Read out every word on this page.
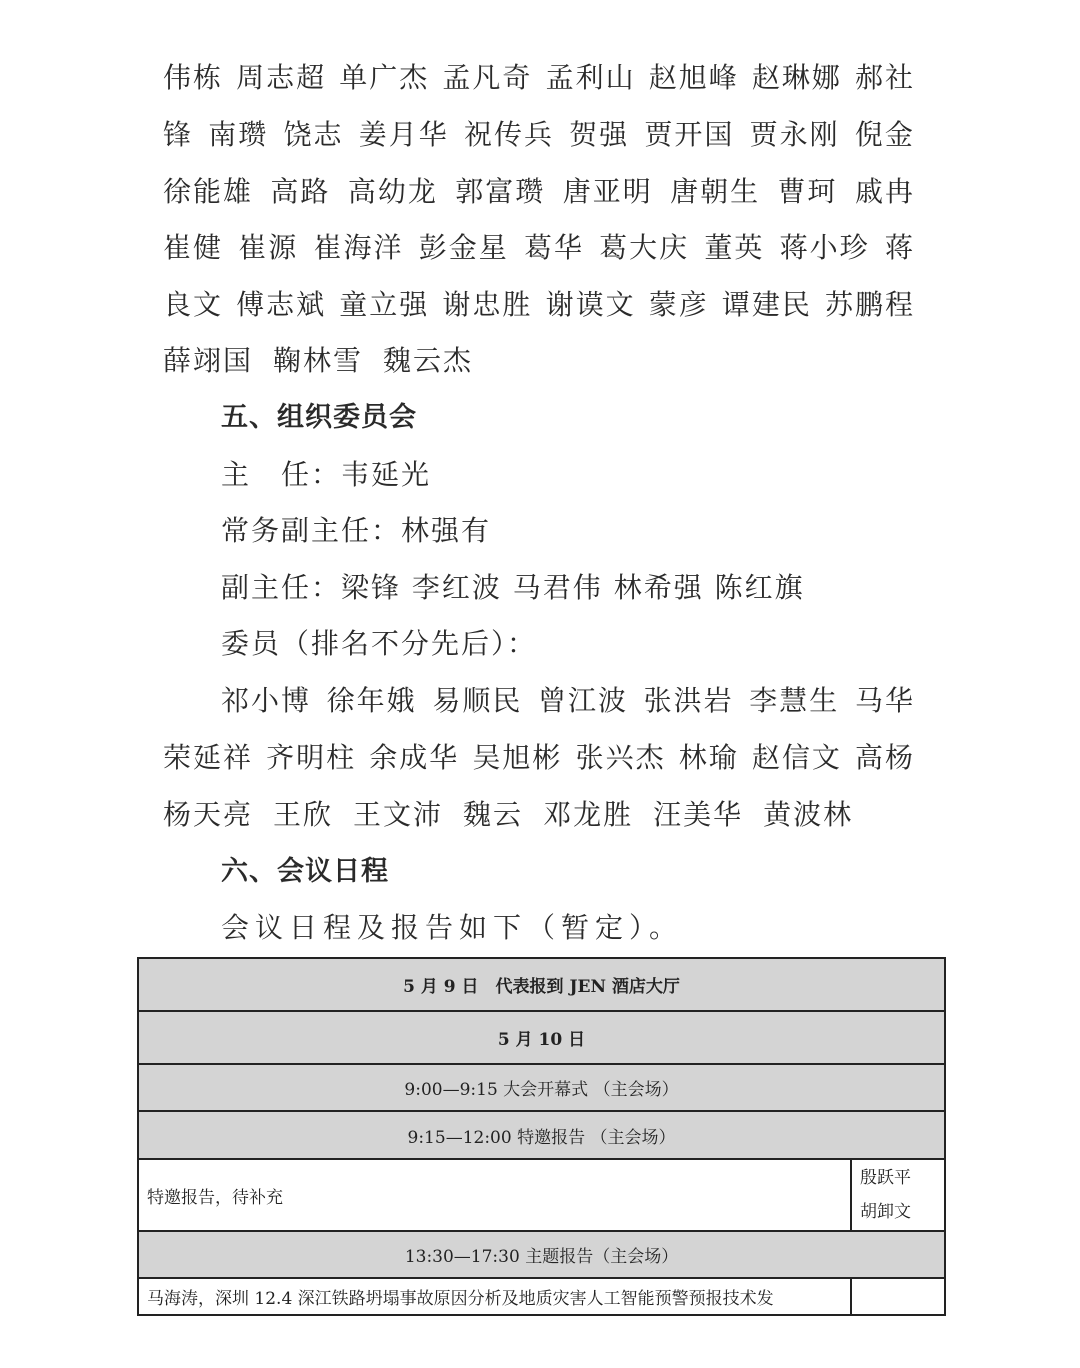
伟栋 周志超 单广杰 孟凡奇 孟利山 赵旭峰 赵琳娜 郝社
锋 南瓒 饶志 姜月华 祝传兵 贺强 贾开国 贾永刚 倪金
徐能雄 高路 高幼龙 郭富瓒 唐亚明 唐朝生 曹珂 戚冉
崔健 崔源 崔海洋 彭金星 葛华 葛大庆 董英 蒋小珍 蒋
良文 傅志斌 童立强 谢忠胜 谢谟文 蒙彦 谭建民 苏鹏程
薛翊国 鞠林雪 魏云杰
五、组织委员会
主　任：韦延光
常务副主任：林强有
副主任：梁锋 李红波 马君伟 林希强 陈红旗
委员（排名不分先后）：
祁小博 徐年娥 易顺民 曾江波 张洪岩 李慧生 马华
荣延祥 齐明柱 余成华 吴旭彬 张兴杰 林瑜 赵信文 高杨
杨天亮 王欣 王文沛 魏云 邓龙胜 汪美华 黄波林
六、会议日程
会议日程及报告如下（暂定）。
5 月 9 日　代表报到 JEN 酒店大厅	
5 月 10 日	
9:00—9:15 大会开幕式 （主会场）	
9:15—12:00 特邀报告 （主会场）	
特邀报告，待补充	殷跃平
胡卸文
13:30—17:30 主题报告（主会场）	
马海涛，深圳 12.4 深江铁路坍塌事故原因分析及地质灾害人工智能预警预报技术发	
